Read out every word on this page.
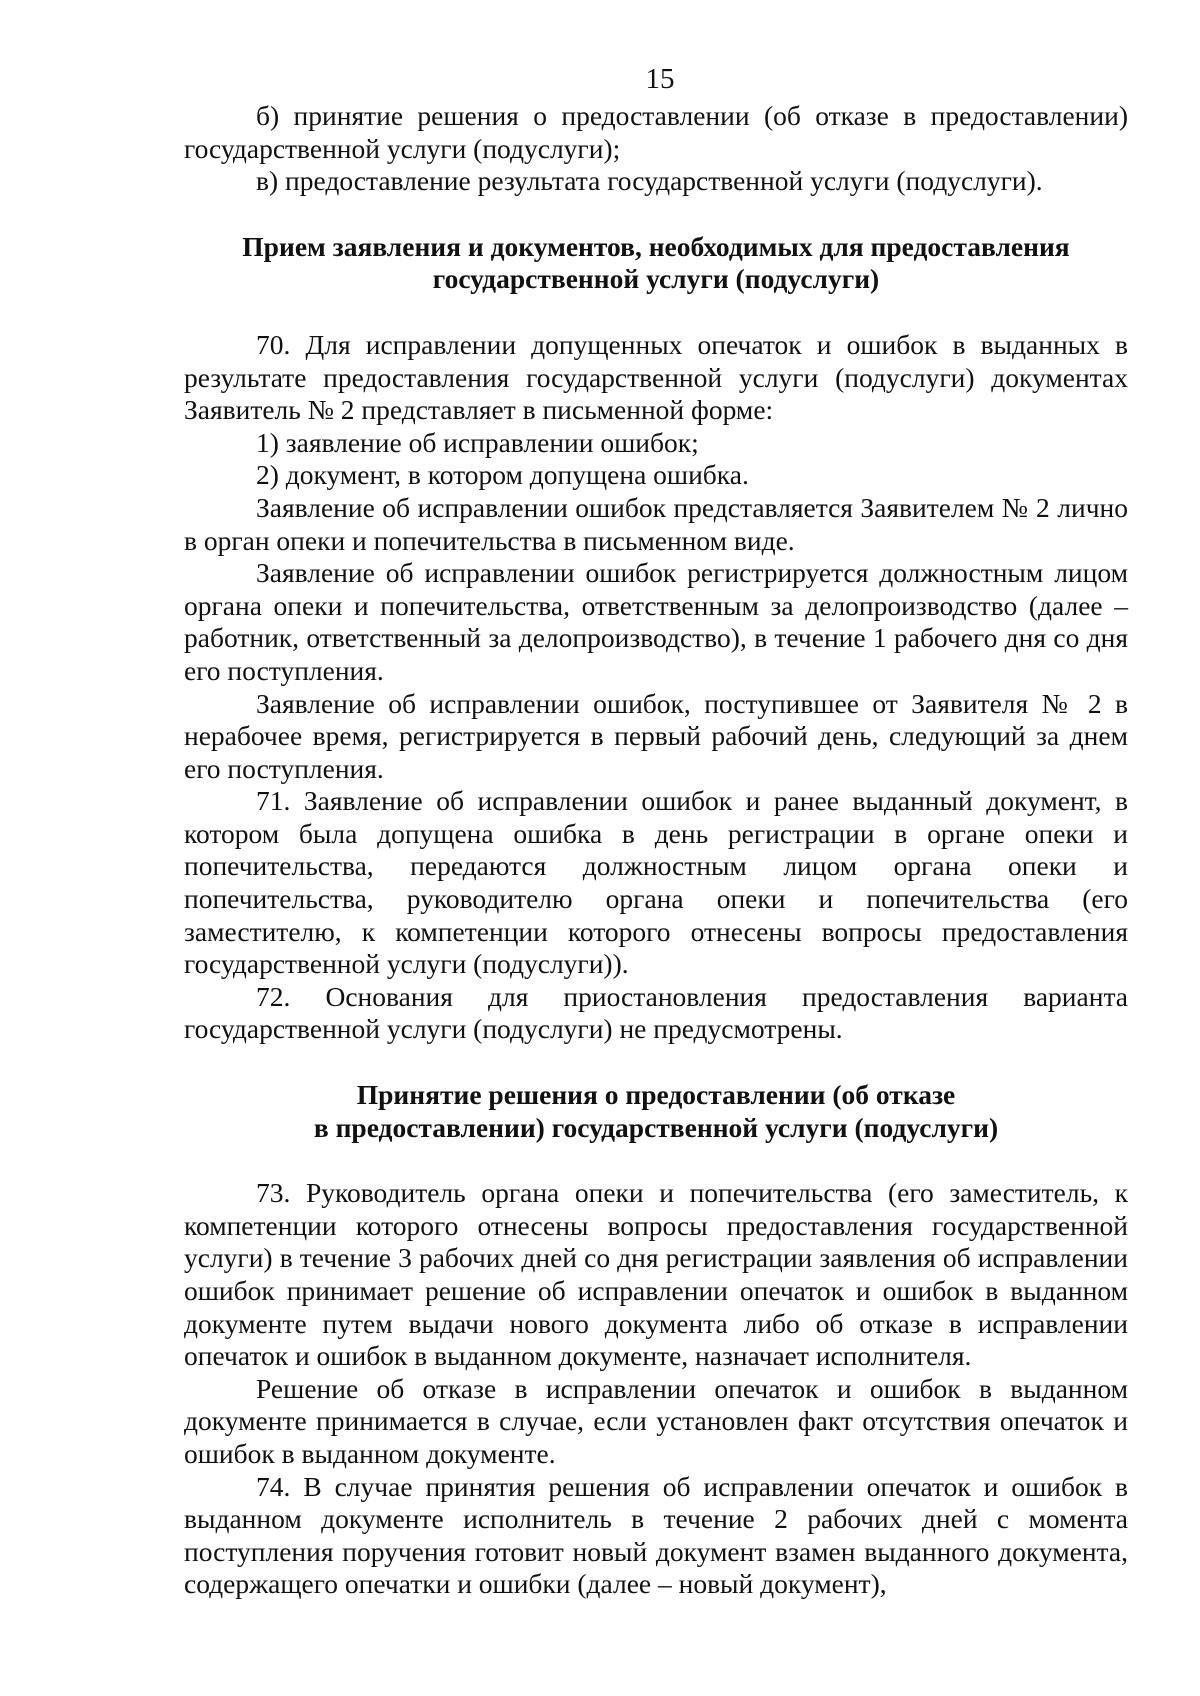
15

б) принятие решения о предоставлении (об отказе в предоставлении) государственной услуги (подуслуги);

в) предоставление результата государственной услуги (подуслуги).

Прием заявления и документов, необходимых для предоставления
государственной услуги (подуслуги)

70. Для исправлении допущенных опечаток и ошибок в выданных в результате предоставления государственной услуги (подуслуги) документах Заявитель № 2 представляет в письменной форме:

1) заявление об исправлении ошибок;

2) документ, в котором допущена ошибка.

Заявление об исправлении ошибок представляется Заявителем № 2 лично в орган опеки и попечительства в письменном виде.

Заявление об исправлении ошибок регистрируется должностным лицом органа опеки и попечительства, ответственным за делопроизводство (далее – работник, ответственный за делопроизводство), в течение 1 рабочего дня со дня его поступления.

Заявление об исправлении ошибок, поступившее от Заявителя № 2 в нерабочее время, регистрируется в первый рабочий день, следующий за днем его поступления.

71. Заявление об исправлении ошибок и ранее выданный документ, в котором была допущена ошибка в день регистрации в органе опеки и попечительства, передаются должностным лицом органа опеки и попечительства, руководителю органа опеки и попечительства (его заместителю, к компетенции которого отнесены вопросы предоставления государственной услуги (подуслуги)).

72. Основания для приостановления предоставления варианта государственной услуги (подуслуги) не предусмотрены.

Принятие решения о предоставлении (об отказе
в предоставлении) государственной услуги (подуслуги)

73. Руководитель органа опеки и попечительства (его заместитель, к компетенции которого отнесены вопросы предоставления государственной услуги) в течение 3 рабочих дней со дня регистрации заявления об исправлении ошибок принимает решение об исправлении опечаток и ошибок в выданном документе путем выдачи нового документа либо об отказе в исправлении опечаток и ошибок в выданном документе, назначает исполнителя.

Решение об отказе в исправлении опечаток и ошибок в выданном документе принимается в случае, если установлен факт отсутствия опечаток и ошибок в выданном документе.

74. В случае принятия решения об исправлении опечаток и ошибок в выданном документе исполнитель в течение 2 рабочих дней с момента поступления поручения готовит новый документ взамен выданного документа, содержащего опечатки и ошибки (далее – новый документ),
